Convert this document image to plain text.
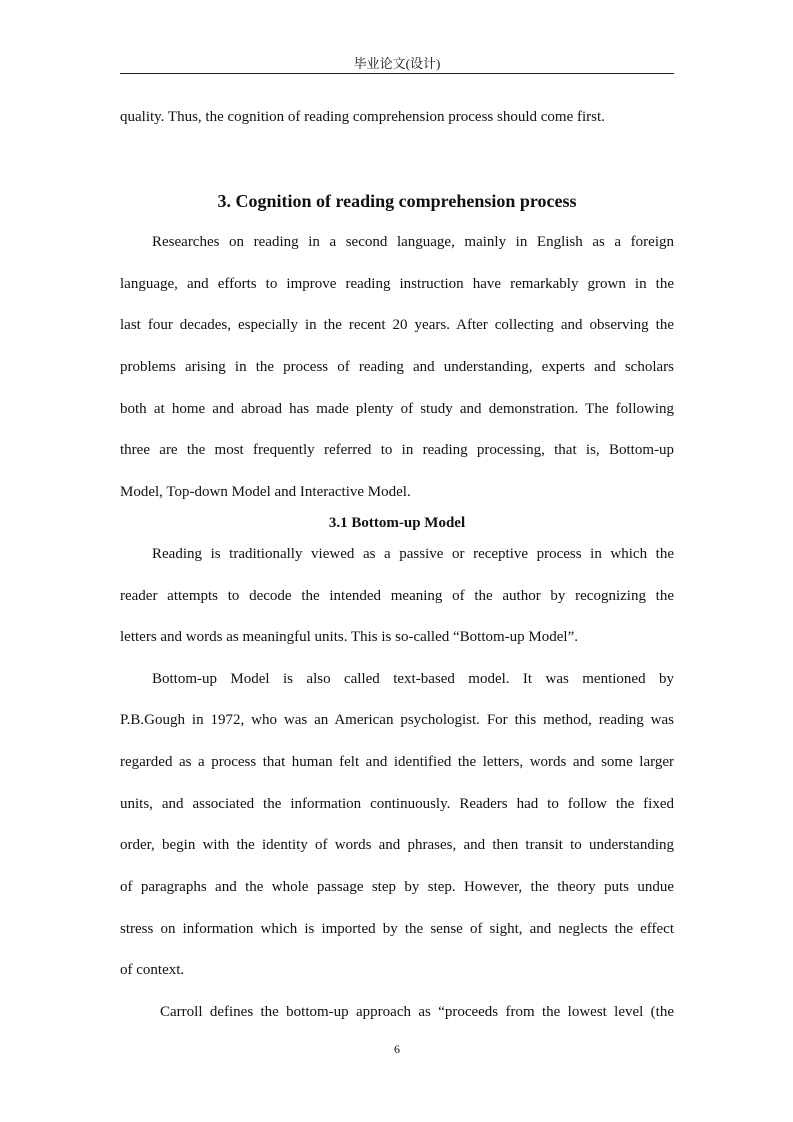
毕业论文(设计)
quality. Thus, the cognition of reading comprehension process should come first.
3. Cognition of reading comprehension process
Researches on reading in a second language, mainly in English as a foreign
language, and efforts to improve reading instruction have remarkably grown in the
last four decades, especially in the recent 20 years. After collecting and observing the
problems arising in the process of reading and understanding, experts and scholars
both at home and abroad has made plenty of study and demonstration. The following
three are the most frequently referred to in reading processing, that is, Bottom-up
Model, Top-down Model and Interactive Model.
3.1 Bottom-up Model
Reading is traditionally viewed as a passive or receptive process in which the
reader attempts to decode the intended meaning of the author by recognizing the
letters and words as meaningful units. This is so-called “Bottom-up Model”.
Bottom-up Model is also called text-based model. It was mentioned by
P.B.Gough in 1972, who was an American psychologist. For this method, reading was
regarded as a process that human felt and identified the letters, words and some larger
units, and associated the information continuously. Readers had to follow the fixed
order, begin with the identity of words and phrases, and then transit to understanding
of paragraphs and the whole passage step by step. However, the theory puts undue
stress on information which is imported by the sense of sight, and neglects the effect
of context.
Carroll defines the bottom-up approach as “proceeds from the lowest level (the
6
